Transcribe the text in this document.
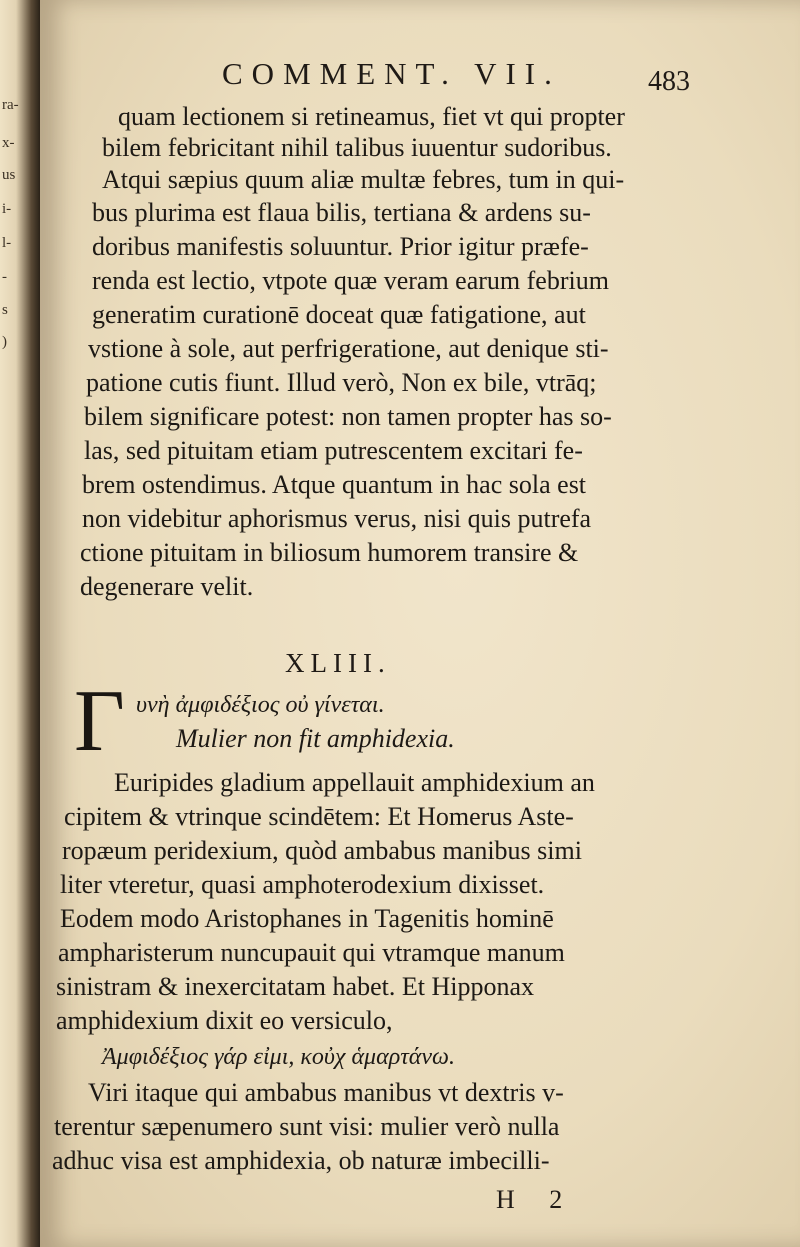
ra-
x-
us
i-
l-
-
s
)
COMMENT. VII.	483
quam lectionem si retineamus, fiet vt qui propter
bilem febricitant nihil talibus iuuentur sudoribus.
Atqui sæpius quum aliæ multæ febres, tum in qui-
bus plurima est flaua bilis, tertiana & ardens su-
doribus manifestis soluuntur. Prior igitur præfe-
renda est lectio, vtpote quæ veram earum febrium
generatim curationē doceat quæ fatigatione, aut
vstione à sole, aut perfrigeratione, aut denique sti-
patione cutis fiunt. Illud verò, Non ex bile, vtrāq;
bilem significare potest: non tamen propter has so-
las, sed pituitam etiam putrescentem excitari fe-
brem ostendimus. Atque quantum in hac sola est
non videbitur aphorismus verus, nisi quis putrefa
ctione pituitam in biliosum humorem transire &
degenerare velit.
XLIII.
Γ υνὴ ἀμφιδέξιος οὐ γίνεται.
Mulier non fit amphidexia.
Euripides gladium appellauit amphidexium an
cipitem & vtrinque scindētem: Et Homerus Aste-
ropæum peridexium, quòd ambabus manibus simi
liter vteretur, quasi amphoterodexium dixisset.
Eodem modo Aristophanes in Tagenitis hominē
ampharisterum nuncupauit qui vtramque manum
sinistram & inexercitatam habet. Et Hipponax
amphidexium dixit eo versiculo,
Ἀμφιδέξιος γάρ εἰμι, κοὐχ ἁμαρτάνω.
Viri itaque qui ambabus manibus vt dextris v-
terentur sæpenumero sunt visi: mulier verò nulla
adhuc visa est amphidexia, ob naturæ imbecilli-
H 2
